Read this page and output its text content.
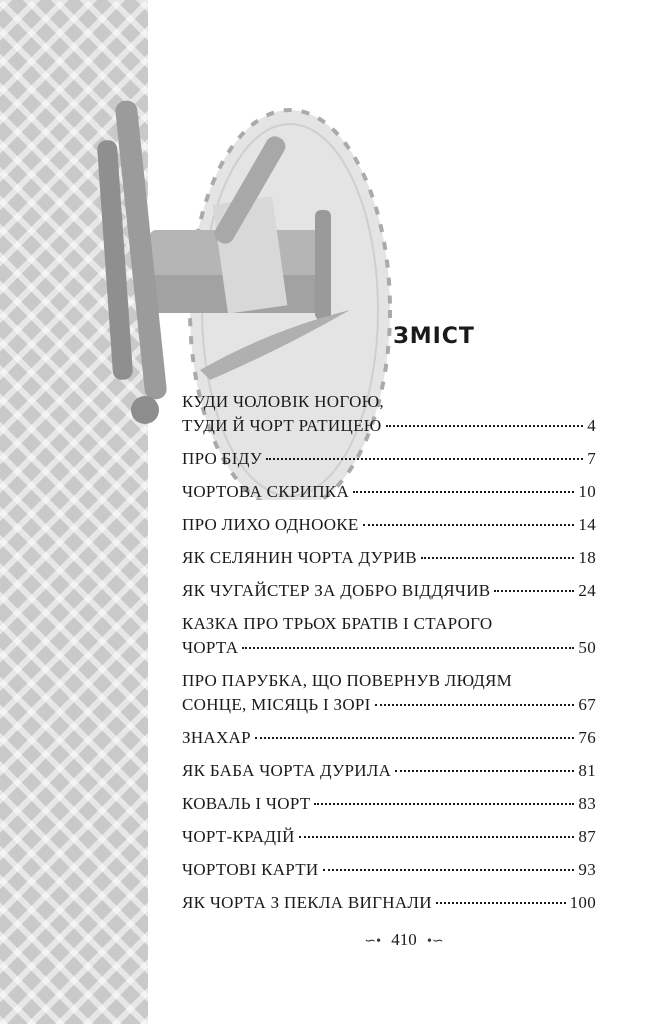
ЗМІСТ
КУДИ ЧОЛОВІК НОГОЮ,
ТУДИ Й ЧОРТ РАТИЦЕЮ	4
ПРО БІДУ	7
ЧОРТОВА СКРИПКА	10
ПРО ЛИХО ОДНООКЕ	14
ЯК СЕЛЯНИН ЧОРТА ДУРИВ	18
ЯК ЧУГАЙСТЕР ЗА ДОБРО ВІДДЯЧИВ	24
КАЗКА ПРО ТРЬОХ БРАТІВ І СТАРОГО
ЧОРТА	50
ПРО ПАРУБКА, ЩО ПОВЕРНУВ ЛЮДЯМ
СОНЦЕ, МІСЯЦЬ І ЗОРІ	67
ЗНАХАР	76
ЯК БАБА ЧОРТА ДУРИЛА	81
КОВАЛЬ І ЧОРТ	83
ЧОРТ-КРАДІЙ	87
ЧОРТОВІ КАРТИ	93
ЯК ЧОРТА З ПЕКЛА ВИГНАЛИ	100
∽• 410 •∽
